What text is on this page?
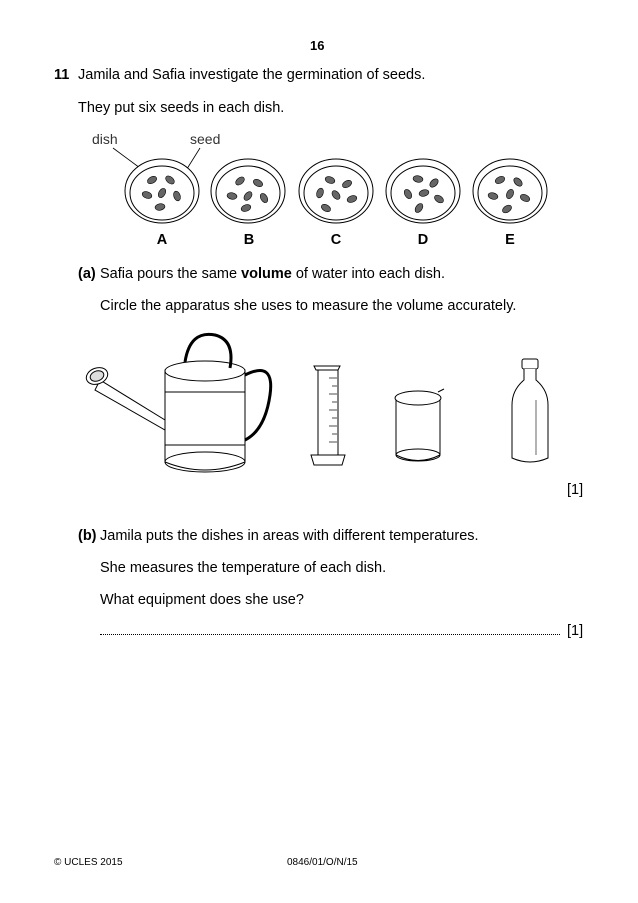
16
11 Jamila and Safia investigate the germination of seeds.
They put six seeds in each dish.
dish	seed
A	B	C	D	E
(a) Safia pours the same volume of water into each dish.
Circle the apparatus she uses to measure the volume accurately.
[1]
(b) Jamila puts the dishes in areas with different temperatures.
She measures the temperature of each dish.
What equipment does she use?
[1]
© UCLES 2015	0846/01/O/N/15
